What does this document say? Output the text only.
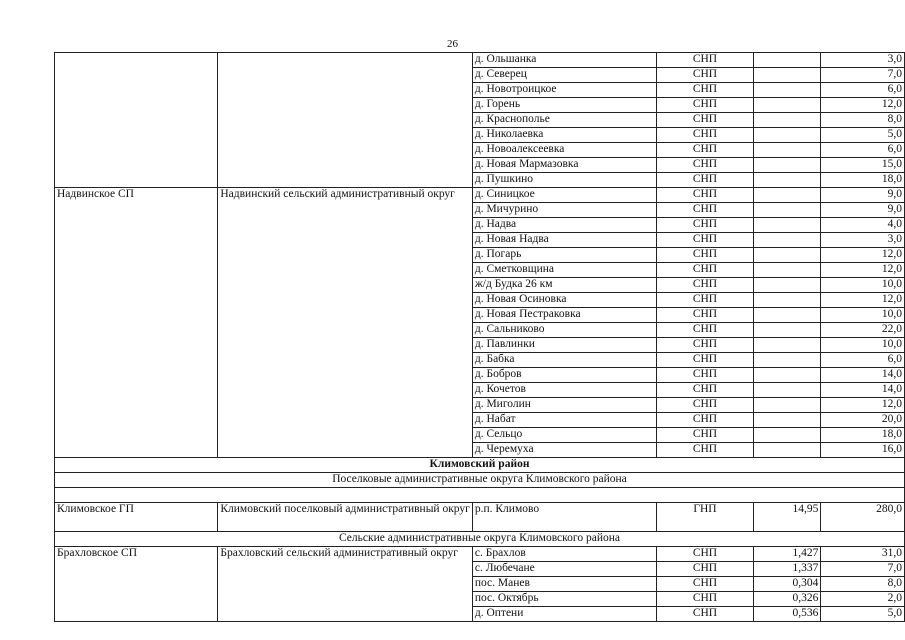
26
		д. Ольшанка	СНП		3,0
		д. Северец	СНП		7,0
		д. Новотроицкое	СНП		6,0
		д. Горень	СНП		12,0
		д. Краснополье	СНП		8,0
		д. Николаевка	СНП		5,0
		д. Новоалексеевка	СНП		6,0
		д. Новая Мармазовка	СНП		15,0
		д. Пушкино	СНП		18,0
Надвинское СП	Надвинский сельский административный округ	д. Синицкое	СНП		9,0
		д. Мичурино	СНП		9,0
		д. Надва	СНП		4,0
		д. Новая Надва	СНП		3,0
		д. Погарь	СНП		12,0
		д. Сметковщина	СНП		12,0
		ж/д Будка 26 км	СНП		10,0
		д. Новая Осиновка	СНП		12,0
		д. Новая Пестраковка	СНП		10,0
		д. Сальниково	СНП		22,0
		д. Павлинки	СНП		10,0
		д. Бабка	СНП		6,0
		д. Бобров	СНП		14,0
		д. Кочетов	СНП		14,0
		д. Миголин	СНП		12,0
		д. Набат	СНП		20,0
		д. Сельцо	СНП		18,0
		д. Черемуха	СНП		16,0
Климовский район					
Поселковые административные округа Климовского района					

Климовское ГП	Климовский поселковый административный округ	р.п. Климово	ГНП	14,95	280,0
Сельские административные округа Климовского района					
Брахловское СП	Брахловский сельский административный округ	с. Брахлов	СНП	1,427	31,0
		с. Любечане	СНП	1,337	7,0
		пос. Манев	СНП	0,304	8,0
		пос. Октябрь	СНП	0,326	2,0
		д. Оптени	СНП	0,536	5,0
